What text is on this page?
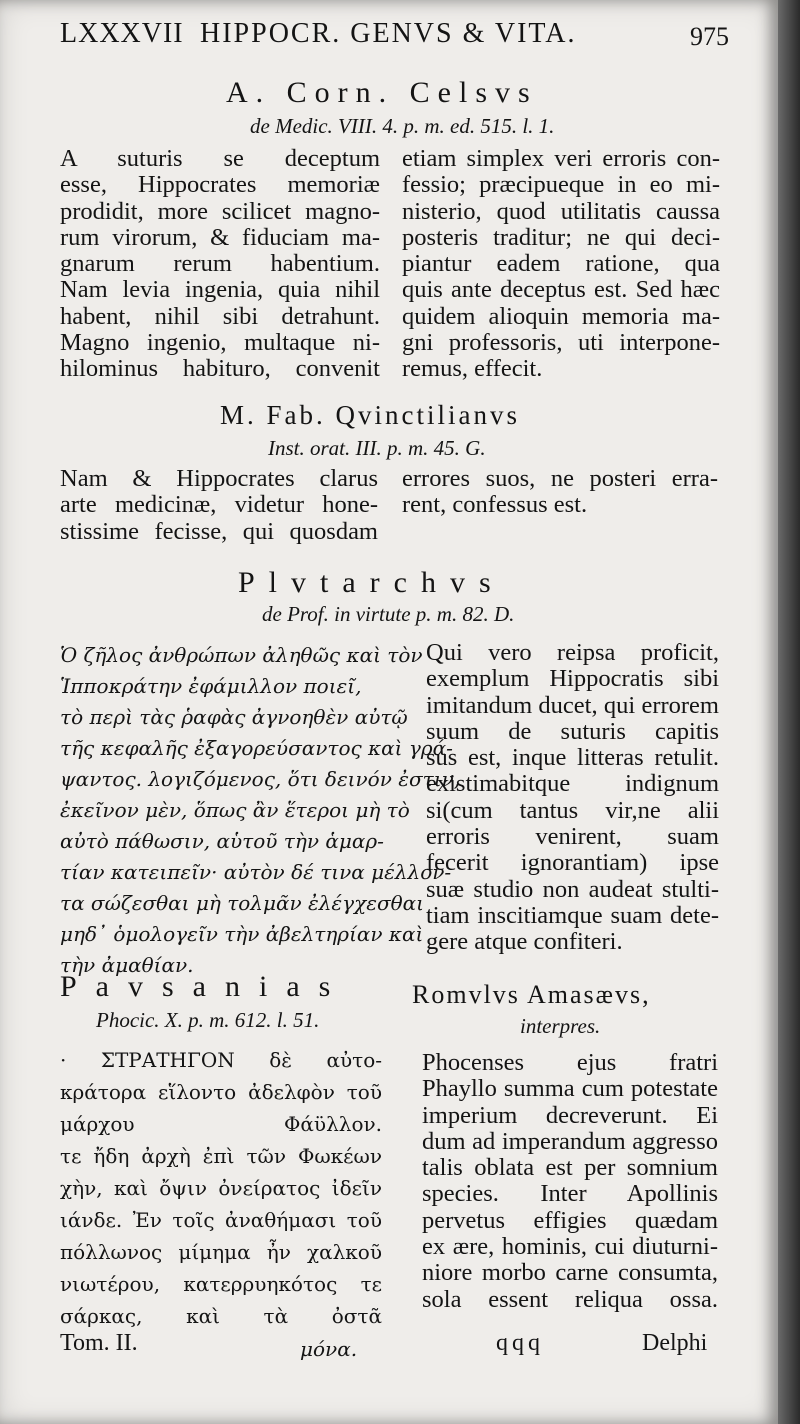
LXXXVII HIPPOCR. GENVS & VITA.	975
A. Corn. Celsvs
de Medic. VIII. 4. p. m. ed. 515. l. 1.
A suturis se deceptum
esse, Hippocrates memoriæ
prodidit, more scilicet magno-
rum virorum, & fiduciam ma-
gnarum rerum habentium.
Nam levia ingenia, quia nihil
habent, nihil sibi detrahunt.
Magno ingenio, multaque ni-
hilominus habituro, convenit
etiam simplex veri erroris con-
fessio; præcipueque in eo mi-
nisterio, quod utilitatis caussa
posteris traditur; ne qui deci-
piantur eadem ratione, qua
quis ante deceptus est. Sed hæc
quidem alioquin memoria ma-
gni professoris, uti interpone-
remus, effecit.
M. Fab. Qvinctilianvs
Inst. orat. III. p. m. 45. G.
Nam & Hippocrates clarus
arte medicinæ, videtur hone-
stissime fecisse, qui quosdam
errores suos, ne posteri erra-
rent, confessus est.
Plvtarchvs
de Prof. in virtute p. m. 82. D.
Ὁ ζῆλος ἀνθρώπων ἀληθῶς καὶ τὸν
Ἱπποκράτην ἐφάμιλλον ποιεῖ,
τὸ περὶ τὰς ῥαφὰς ἀγνοηθὲν αὐτῷ
τῆς κεφαλῆς ἐξαγορεύσαντος καὶ γρά-
ψαντος. λογιζόμενος, ὅτι δεινόν ἐστιν,
ἐκεῖνον μὲν, ὅπως ἂν ἕτεροι μὴ τὸ
αὐτὸ πάθωσιν, αὑτοῦ τὴν ἁμαρ-
τίαν κατειπεῖν· αὐτὸν δέ τινα μέλλον-
τα σώζεσθαι μὴ τολμᾶν ἐλέγχεσθαι
μηδ᾽ ὁμολογεῖν τὴν ἀβελτηρίαν καὶ
τὴν ἀμαθίαν.
Qui vero reipsa proficit,
exemplum Hippocratis sibi
imitandum ducet, qui errorem
suum de suturis capitis
sus est, inque litteras retulit.
existimabitque indignum
si(cum tantus vir,ne alii
erroris venirent, suam
fecerit ignorantiam) ipse
suæ studio non audeat stulti-
tiam inscitiamque suam dete-
gere atque confiteri.
Pavsanias
Phocic. X. p. m. 612. l. 51.
· ΣΤΡΑΤΗΓΟΝ δὲ αὐτο-
κράτορα εἵλοντο ἀδελφὸν τοῦ
μάρχου Φάϋλλον.
τε ἤδη ἀρχὴ ἐπὶ τῶν Φωκέων
χὴν, καὶ ὄψιν ὀνείρατος ἰδεῖν
ιάνδε. Ἐν τοῖς ἀναθήμασι τοῦ
πόλλωνος μίμημα ἦν χαλκοῦ
νιωτέρου, κατερρυηκότος τε
σάρκας, καὶ τὰ ὀστᾶ
Romvlvs Amasævs,
interpres.
Phocenses ejus fratri
Phayllo summa cum potestate
imperium decreverunt. Ei
dum ad imperandum aggresso
talis oblata est per somnium
species. Inter Apollinis
pervetus effigies quædam
ex ære, hominis, cui diuturni-
niore morbo carne consumta,
sola essent reliqua ossa.
Tom. II.	μόνα.	qqq	Delphi
